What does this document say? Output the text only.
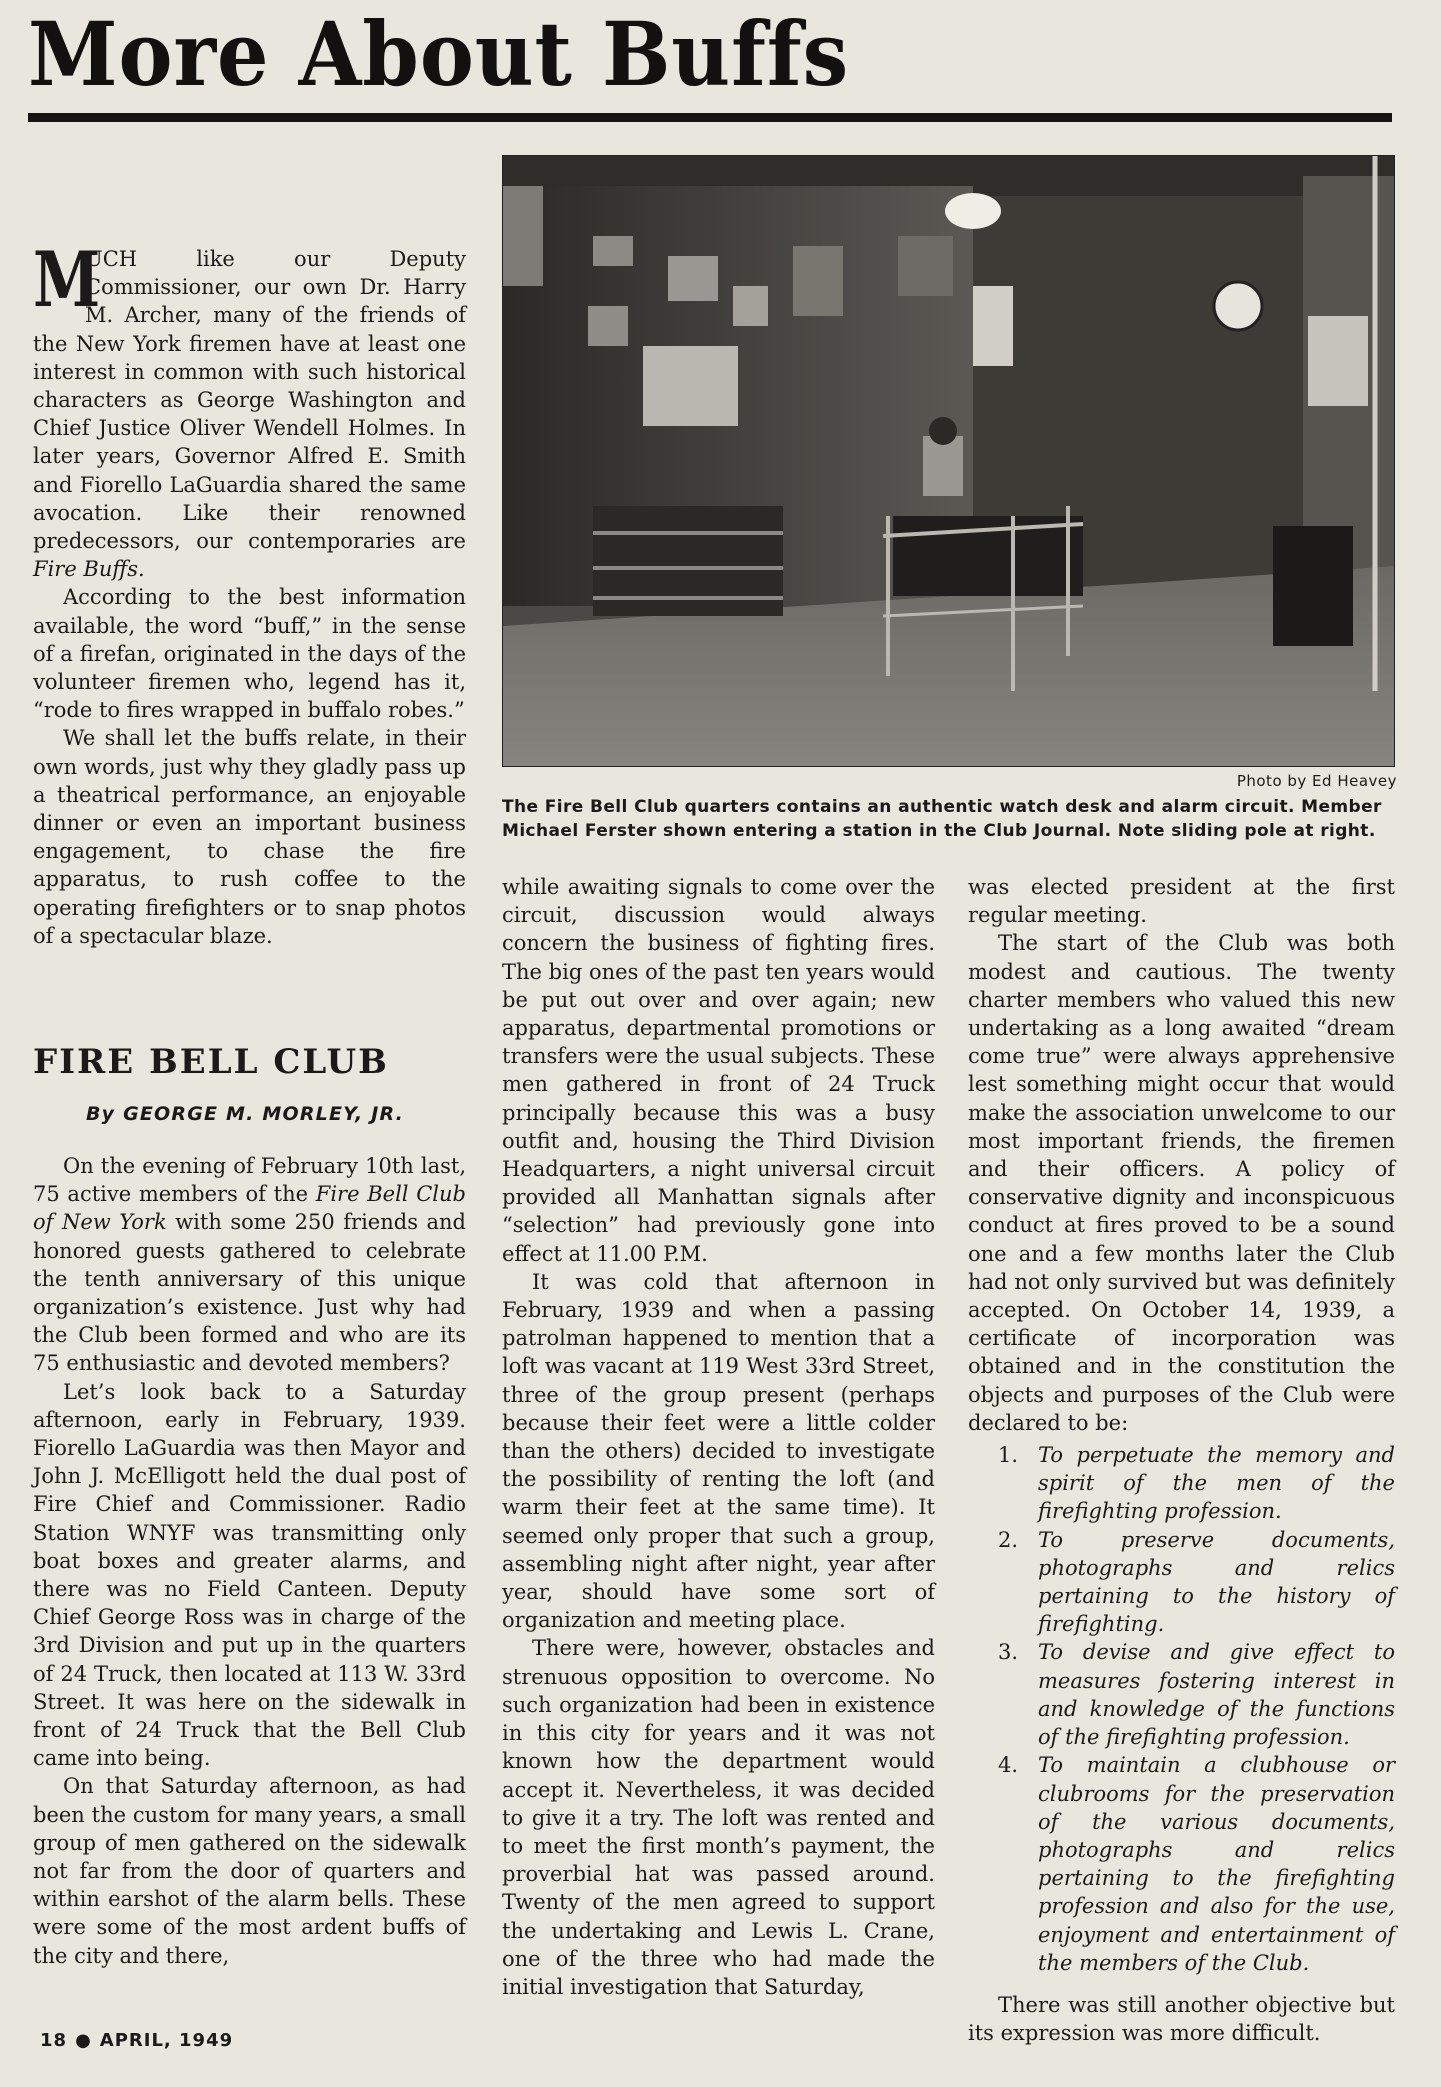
More About Buffs
Photo by Ed Heavey
The Fire Bell Club quarters contains an authentic watch desk and alarm circuit. Member Michael Ferster shown entering a station in the Club Journal. Note sliding pole at right.

M
UCH like our Deputy Commissioner, our own Dr. Harry M. Archer, many of the friends of the New York firemen have at least one interest in common with such historical characters as George Washington and Chief Justice Oliver Wendell Holmes. In later years, Governor Alfred E. Smith and Fiorello LaGuardia shared the same avocation. Like their renowned predecessors, our contemporaries are Fire Buffs.

According to the best information available, the word “buff,” in the sense of a firefan, originated in the days of the volunteer firemen who, legend has it, “rode to fires wrapped in buffalo robes.”

We shall let the buffs relate, in their own words, just why they gladly pass up a theatrical performance, an enjoyable dinner or even an important business engagement, to chase the fire apparatus, to rush coffee to the operating firefighters or to snap photos of a spectacular blaze.

FIRE BELL CLUB
By GEORGE M. MORLEY, JR.

On the evening of February 10th last, 75 active members of the Fire Bell Club of New York with some 250 friends and honored guests gathered to celebrate the tenth anniversary of this unique organization’s existence. Just why had the Club been formed and who are its 75 enthusiastic and devoted members?

Let’s look back to a Saturday afternoon, early in February, 1939. Fiorello LaGuardia was then Mayor and John J. McElligott held the dual post of Fire Chief and Commissioner. Radio Station WNYF was transmitting only boat boxes and greater alarms, and there was no Field Canteen. Deputy Chief George Ross was in charge of the 3rd Division and put up in the quarters of 24 Truck, then located at 113 W. 33rd Street. It was here on the sidewalk in front of 24 Truck that the Bell Club came into being.

On that Saturday afternoon, as had been the custom for many years, a small group of men gathered on the sidewalk not far from the door of quarters and within earshot of the alarm bells. These were some of the most ardent buffs of the city and there,

while awaiting signals to come over the circuit, discussion would always concern the business of fighting fires. The big ones of the past ten years would be put out over and over again; new apparatus, departmental promotions or transfers were the usual subjects. These men gathered in front of 24 Truck principally because this was a busy outfit and, housing the Third Division Headquarters, a night universal circuit provided all Manhattan signals after “selection” had previously gone into effect at 11.00 P.M.

It was cold that afternoon in February, 1939 and when a passing patrolman happened to mention that a loft was vacant at 119 West 33rd Street, three of the group present (perhaps because their feet were a little colder than the others) decided to investigate the possibility of renting the loft (and warm their feet at the same time). It seemed only proper that such a group, assembling night after night, year after year, should have some sort of organization and meeting place.

There were, however, obstacles and strenuous opposition to overcome. No such organization had been in existence in this city for years and it was not known how the department would accept it. Nevertheless, it was decided to give it a try. The loft was rented and to meet the first month’s payment, the proverbial hat was passed around. Twenty of the men agreed to support the undertaking and Lewis L. Crane, one of the three who had made the initial investigation that Saturday,

was elected president at the first regular meeting.

The start of the Club was both modest and cautious. The twenty charter members who valued this new undertaking as a long awaited “dream come true” were always apprehensive lest something might occur that would make the association unwelcome to our most important friends, the firemen and their officers. A policy of conservative dignity and inconspicuous conduct at fires proved to be a sound one and a few months later the Club had not only survived but was definitely accepted. On October 14, 1939, a certificate of incorporation was obtained and in the constitution the objects and purposes of the Club were declared to be:

1. To perpetuate the memory and spirit of the men of the firefighting profession.
2. To preserve documents, photographs and relics pertaining to the history of firefighting.
3. To devise and give effect to measures fostering interest in and knowledge of the functions of the firefighting profession.
4. To maintain a clubhouse or clubrooms for the preservation of the various documents, photographs and relics pertaining to the firefighting profession and also for the use, enjoyment and entertainment of the members of the Club.

There was still another objective but its expression was more difficult.

18 ● APRIL, 1949
